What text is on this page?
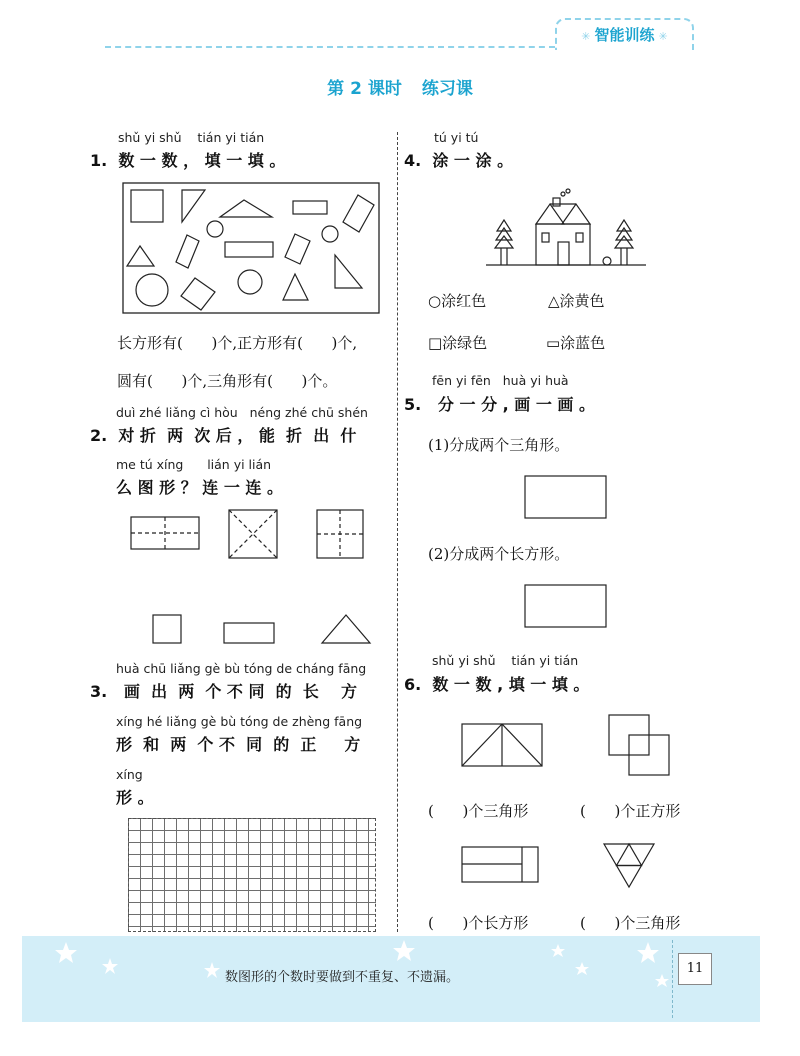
✳ 智能训练 ✳
第 2 课时 练习课
shǔ yi shǔ    tián yi tián
1.  数 一 数 ， 填 一 填 。
长方形有(      )个,正方形有(      )个,
圆有(      )个,三角形有(      )个。
duì zhé liǎng cì hòu   néng zhé chū shén
2.  对 折  两  次 后 ， 能  折  出  什
me tú xíng      lián yi lián
么 图 形 ？ 连 一 连 。
huà chū liǎng gè bù tóng de cháng fāng
3.   画  出  两  个 不 同  的  长    方
xíng hé liǎng gè bù tóng de zhèng fāng
形  和  两  个 不  同  的  正     方
xíng
形 。
tú yi tú
4.  涂 一 涂 。
○涂红色	△涂黄色
□涂绿色	▭涂蓝色
fēn yi fēn   huà yi huà
5.   分 一 分 , 画 一 画 。
(1)分成两个三角形。
(2)分成两个长方形。
shǔ yi shǔ    tián yi tián
6.  数 一 数 , 填 一 填 。
(      )个三角形	(      )个正方形
(      )个长方形	(      )个三角形
数图形的个数时要做到不重复、不遗漏。
11
